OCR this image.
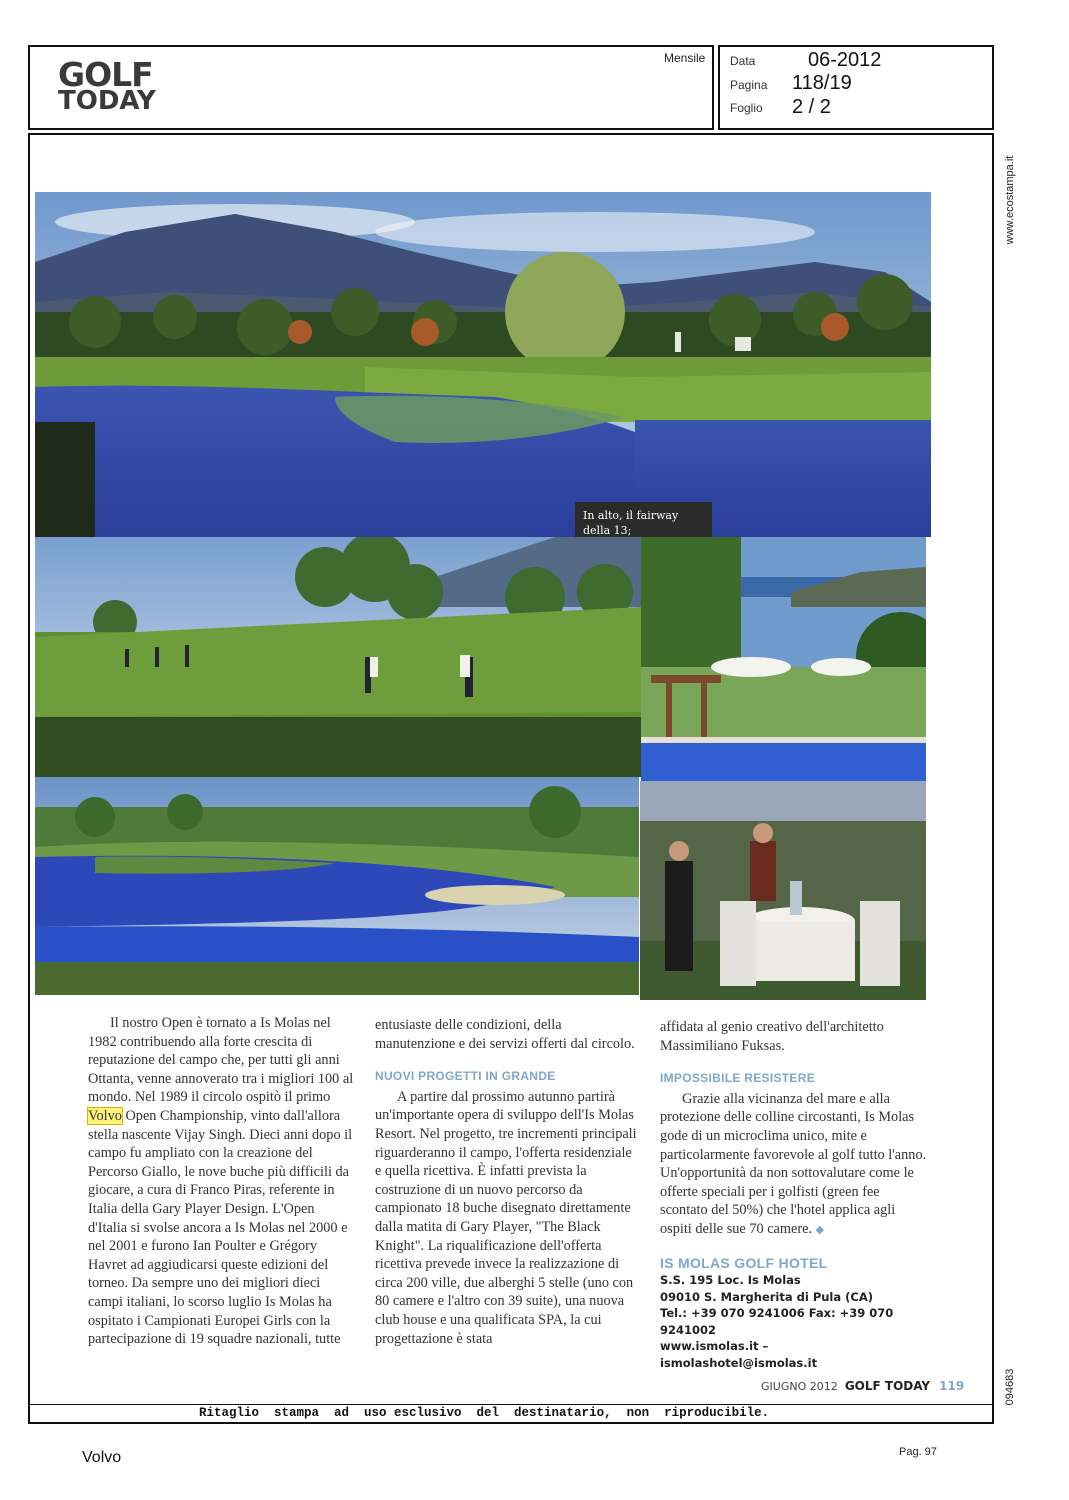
GOLF
TODAY
Mensile Data	06-2012
Pagina 118/19
Foglio 2 / 2
www.ecostampa.it
094683
In alto, il fairway della 13;

Il nostro Open è tornato a Is Molas nel 1982 contribuendo alla forte crescita di reputazione del campo che, per tutti gli anni Ottanta, venne annoverato tra i migliori 100 al mondo. Nel 1989 il circolo ospitò il primo Volvo Open Championship, vinto dall'allora stella nascente Vijay Singh. Dieci anni dopo il campo fu ampliato con la creazione del Percorso Giallo, le nove buche più difficili da giocare, a cura di Franco Piras, referente in Italia della Gary Player Design. L'Open d'Italia si svolse ancora a Is Molas nel 2000 e nel 2001 e furono Ian Poulter e Grégory Havret ad aggiudicarsi queste edizioni del torneo. Da sempre uno dei migliori dieci campi italiani, lo scorso luglio Is Molas ha ospitato i Campionati Europei Girls con la partecipazione di 19 squadre nazionali, tutte

entusiaste delle condizioni, della manutenzione e dei servizi offerti dal circolo.

NUOVI PROGETTI IN GRANDE

A partire dal prossimo autunno partirà un'importante opera di sviluppo dell'Is Molas Resort. Nel progetto, tre incrementi principali riguarderanno il campo, l'offerta residenziale e quella ricettiva. È infatti prevista la costruzione di un nuovo percorso da campionato 18 buche disegnato direttamente dalla matita di Gary Player, "The Black Knight". La riqualificazione dell'offerta ricettiva prevede invece la realizzazione di circa 200 ville, due alberghi 5 stelle (uno con 80 camere e l'altro con 39 suite), una nuova club house e una qualificata SPA, la cui progettazione è stata

affidata al genio creativo dell'architetto Massimiliano Fuksas.

IMPOSSIBILE RESISTERE

Grazie alla vicinanza del mare e alla protezione delle colline circostanti, Is Molas gode di un microclima unico, mite e particolarmente favorevole al golf tutto l'anno. Un'opportunità da non sottovalutare come le offerte speciali per i golfisti (green fee scontato del 50%) che l'hotel applica agli ospiti delle sue 70 camere. ◆

IS MOLAS GOLF HOTEL
S.S. 195 Loc. Is Molas
09010 S. Margherita di Pula (CA)
Tel.: +39 070 9241006 Fax: +39 070 9241002
www.ismolas.it – ismolashotel@ismolas.it
GIUGNO 2012 GOLF TODAY 119
Ritaglio  stampa  ad  uso esclusivo  del  destinatario,  non  riproducibile.
Volvo	Pag. 97
